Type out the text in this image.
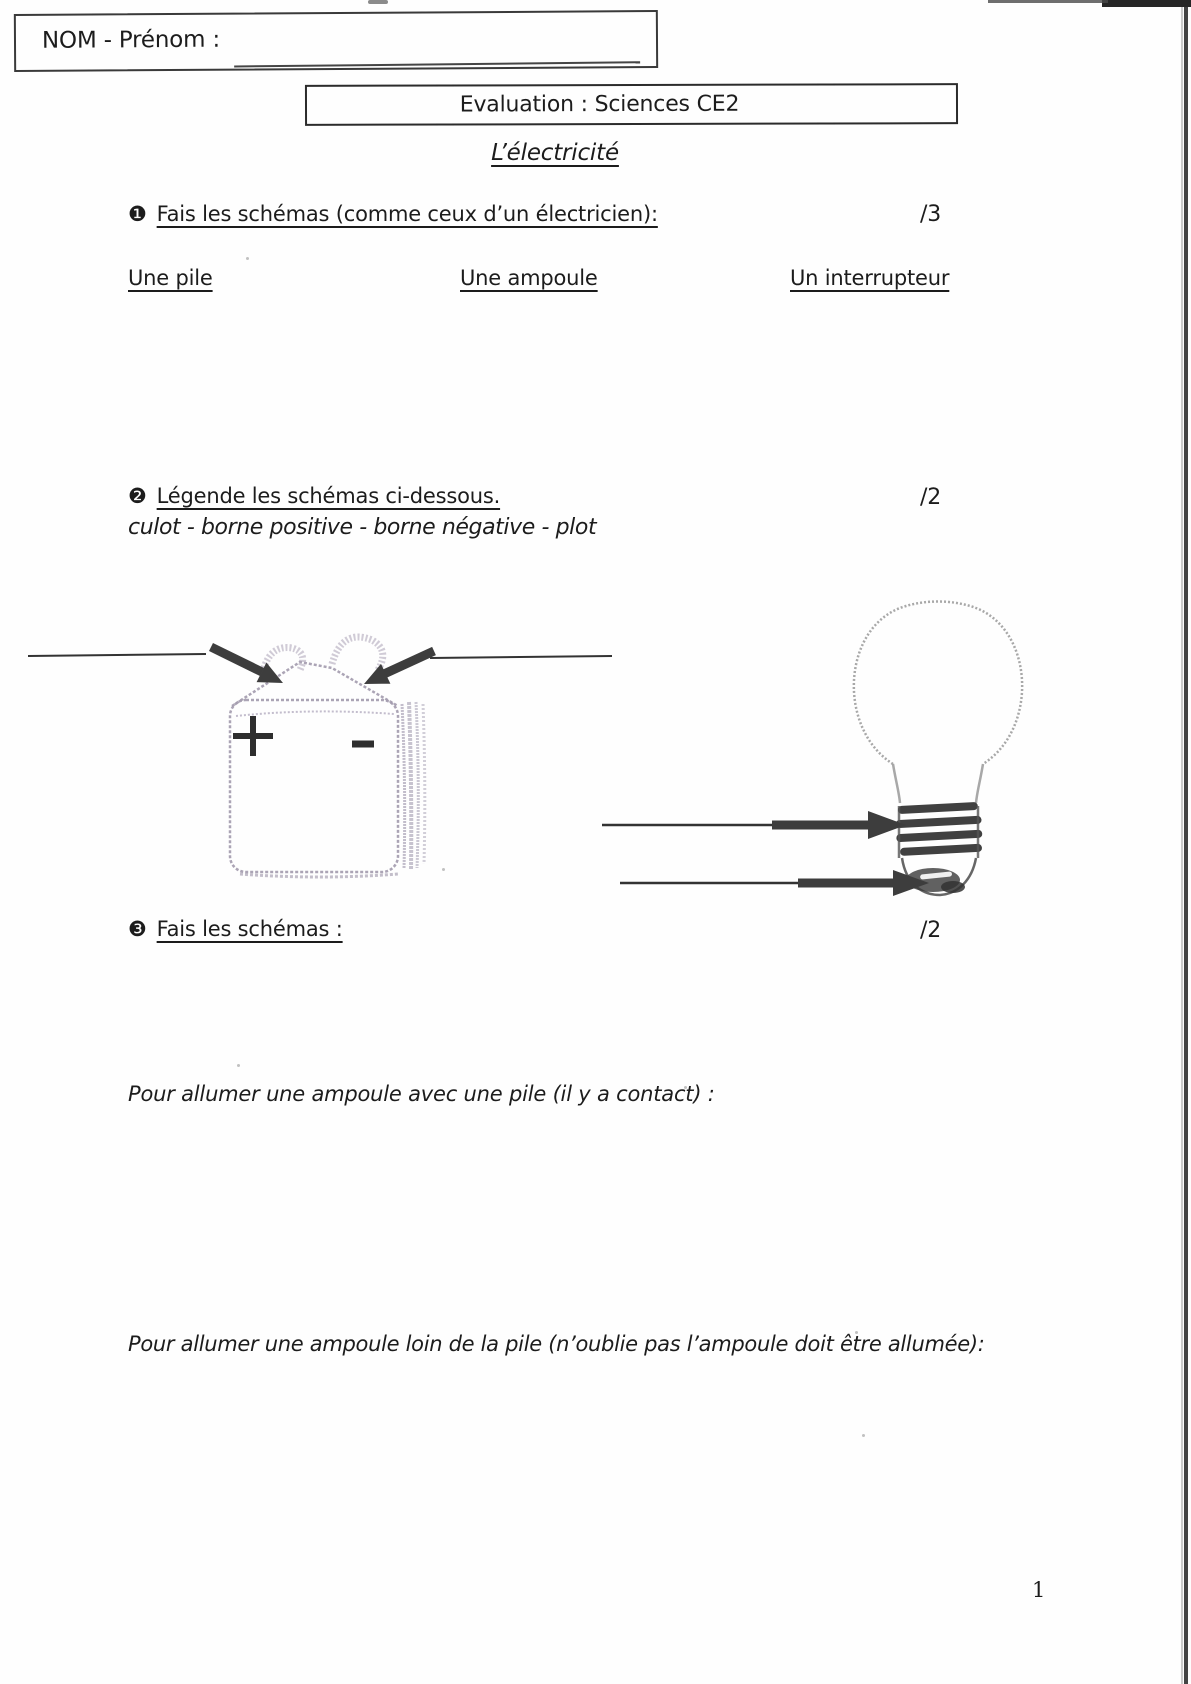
NOM - Prénom :
Evaluation : Sciences CE2
L’électricité
❶ Fais les schémas (comme ceux d’un électricien):	/3
Une pile	Une ampoule	Un interrupteur
❷ Légende les schémas ci-dessous.	/2
culot - borne positive - borne négative - plot
❸ Fais les schémas :	/2
Pour allumer une ampoule avec une pile (il y a contact) :
Pour allumer une ampoule loin de la pile (n’oublie pas l’ampoule doit être allumée):
1
